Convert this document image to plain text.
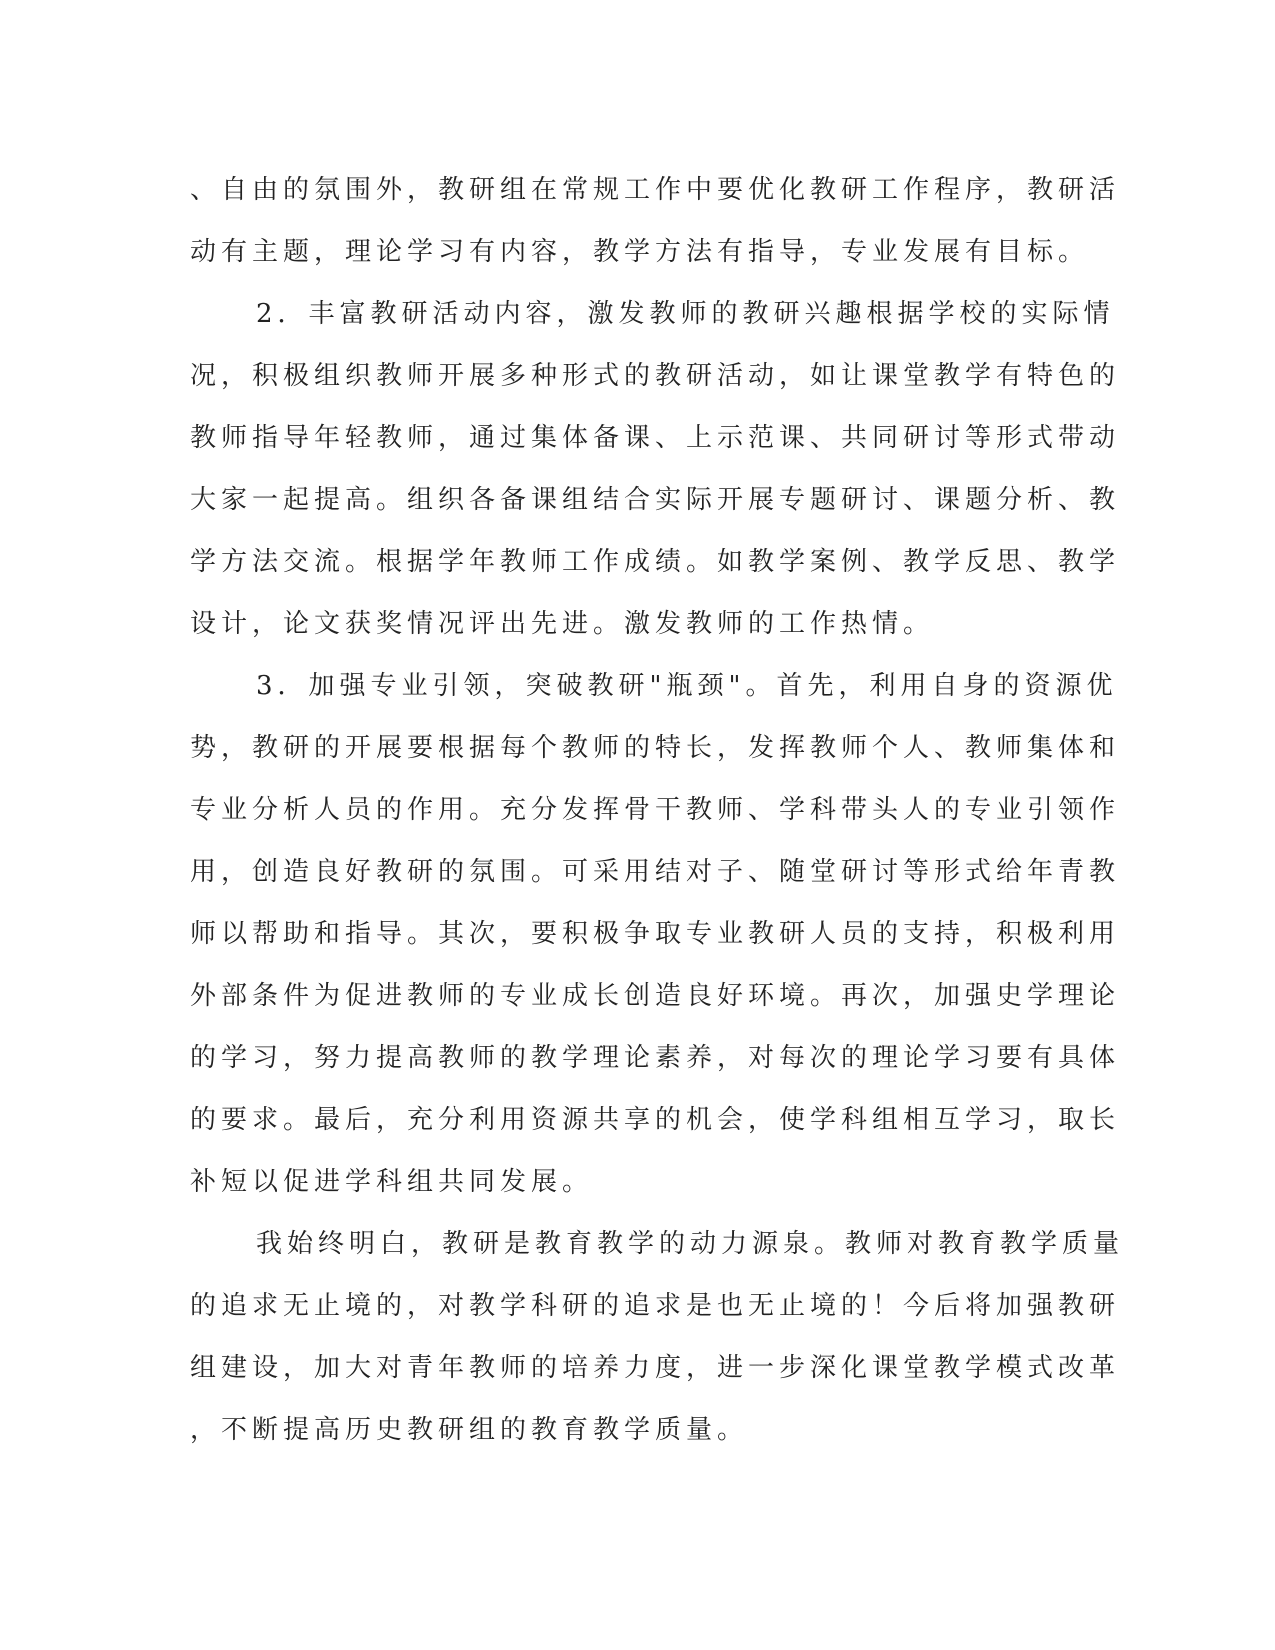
、自由的氛围外，教研组在常规工作中要优化教研工作程序，教研活

动有主题，理论学习有内容，教学方法有指导，专业发展有目标。

2．丰富教研活动内容，激发教师的教研兴趣根据学校的实际情

况，积极组织教师开展多种形式的教研活动，如让课堂教学有特色的

教师指导年轻教师，通过集体备课、上示范课、共同研讨等形式带动

大家一起提高。组织各备课组结合实际开展专题研讨、课题分析、教

学方法交流。根据学年教师工作成绩。如教学案例、教学反思、教学

设计，论文获奖情况评出先进。激发教师的工作热情。

3．加强专业引领，突破教研"瓶颈"。首先，利用自身的资源优

势，教研的开展要根据每个教师的特长，发挥教师个人、教师集体和

专业分析人员的作用。充分发挥骨干教师、学科带头人的专业引领作

用，创造良好教研的氛围。可采用结对子、随堂研讨等形式给年青教

师以帮助和指导。其次，要积极争取专业教研人员的支持，积极利用

外部条件为促进教师的专业成长创造良好环境。再次，加强史学理论

的学习，努力提高教师的教学理论素养，对每次的理论学习要有具体

的要求。最后，充分利用资源共享的机会，使学科组相互学习，取长

补短以促进学科组共同发展。

我始终明白，教研是教育教学的动力源泉。教师对教育教学质量

的追求无止境的，对教学科研的追求是也无止境的！今后将加强教研

组建设，加大对青年教师的培养力度，进一步深化课堂教学模式改革

，不断提高历史教研组的教育教学质量。
